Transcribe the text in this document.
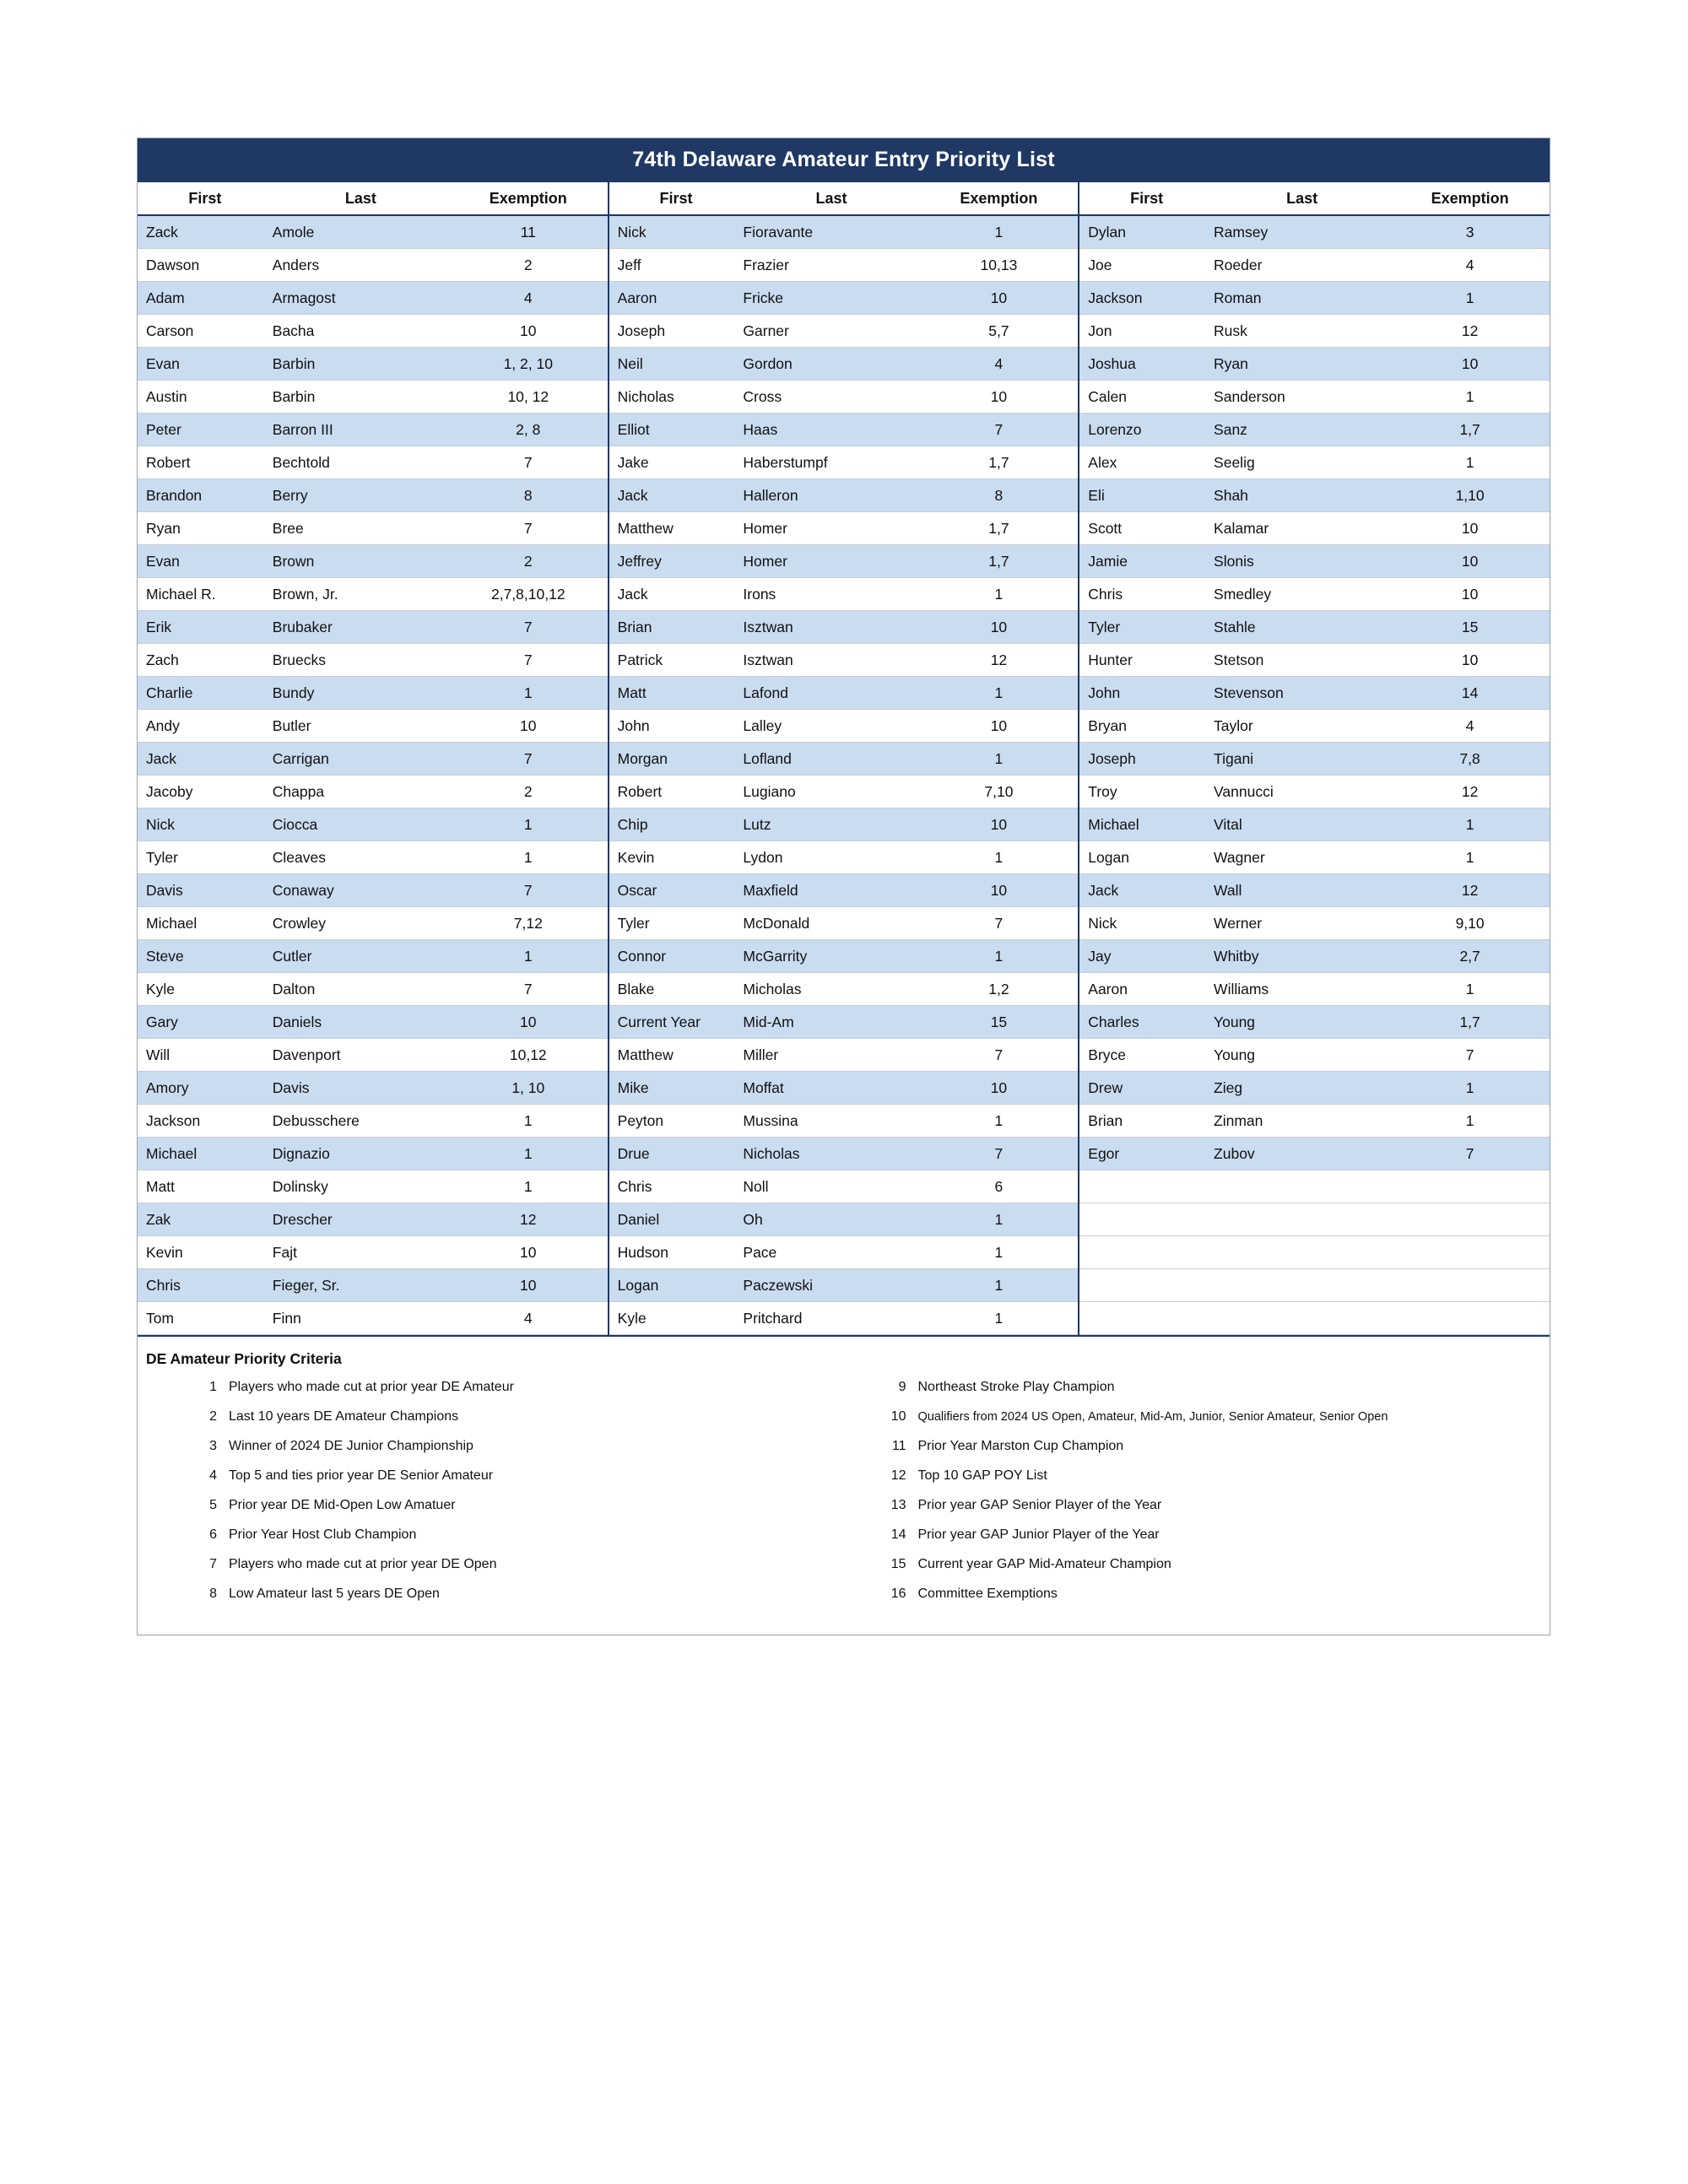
74th Delaware Amateur Entry Priority List
First	Last	Exemption	First	Last	Exemption	First	Last	Exemption
Zack	Amole	11	Nick	Fioravante	1	Dylan	Ramsey	3
Dawson	Anders	2	Jeff	Frazier	10,13	Joe	Roeder	4
Adam	Armagost	4	Aaron	Fricke	10	Jackson	Roman	1
Carson	Bacha	10	Joseph	Garner	5,7	Jon	Rusk	12
Evan	Barbin	1, 2, 10	Neil	Gordon	4	Joshua	Ryan	10
Austin	Barbin	10, 12	Nicholas	Cross	10	Calen	Sanderson	1
Peter	Barron III	2, 8	Elliot	Haas	7	Lorenzo	Sanz	1,7
Robert	Bechtold	7	Jake	Haberstumpf	1,7	Alex	Seelig	1
Brandon	Berry	8	Jack	Halleron	8	Eli	Shah	1,10
Ryan	Bree	7	Matthew	Homer	1,7	Scott	Kalamar	10
Evan	Brown	2	Jeffrey	Homer	1,7	Jamie	Slonis	10
Michael R.	Brown, Jr.	2,7,8,10,12	Jack	Irons	1	Chris	Smedley	10
Erik	Brubaker	7	Brian	Isztwan	10	Tyler	Stahle	15
Zach	Bruecks	7	Patrick	Isztwan	12	Hunter	Stetson	10
Charlie	Bundy	1	Matt	Lafond	1	John	Stevenson	14
Andy	Butler	10	John	Lalley	10	Bryan	Taylor	4
Jack	Carrigan	7	Morgan	Lofland	1	Joseph	Tigani	7,8
Jacoby	Chappa	2	Robert	Lugiano	7,10	Troy	Vannucci	12
Nick	Ciocca	1	Chip	Lutz	10	Michael	Vital	1
Tyler	Cleaves	1	Kevin	Lydon	1	Logan	Wagner	1
Davis	Conaway	7	Oscar	Maxfield	10	Jack	Wall	12
Michael	Crowley	7,12	Tyler	McDonald	7	Nick	Werner	9,10
Steve	Cutler	1	Connor	McGarrity	1	Jay	Whitby	2,7
Kyle	Dalton	7	Blake	Micholas	1,2	Aaron	Williams	1
Gary	Daniels	10	Current Year	Mid-Am	15	Charles	Young	1,7
Will	Davenport	10,12	Matthew	Miller	7	Bryce	Young	7
Amory	Davis	1, 10	Mike	Moffat	10	Drew	Zieg	1
Jackson	Debusschere	1	Peyton	Mussina	1	Brian	Zinman	1
Michael	Dignazio	1	Drue	Nicholas	7	Egor	Zubov	7
Matt	Dolinsky	1	Chris	Noll	6			
Zak	Drescher	12	Daniel	Oh	1			
Kevin	Fajt	10	Hudson	Pace	1			
Chris	Fieger, Sr.	10	Logan	Paczewski	1			
Tom	Finn	4	Kyle	Pritchard	1			
DE Amateur Priority Criteria
1 Players who made cut at prior year DE Amateur
2 Last 10 years DE Amateur Champions
3 Winner of 2024 DE Junior Championship
4 Top 5 and ties prior year DE Senior Amateur
5 Prior year DE Mid-Open Low Amatuer
6 Prior Year Host Club Champion
7 Players who made cut at prior year DE Open
8 Low Amateur last 5 years DE Open
9 Northeast Stroke Play Champion
10 Qualifiers from 2024 US Open, Amateur, Mid-Am, Junior, Senior Amateur, Senior Open
11 Prior Year Marston Cup Champion
12 Top 10 GAP POY List
13 Prior year GAP Senior Player of the Year
14 Prior year GAP Junior Player of the Year
15 Current year GAP Mid-Amateur Champion
16 Committee Exemptions
